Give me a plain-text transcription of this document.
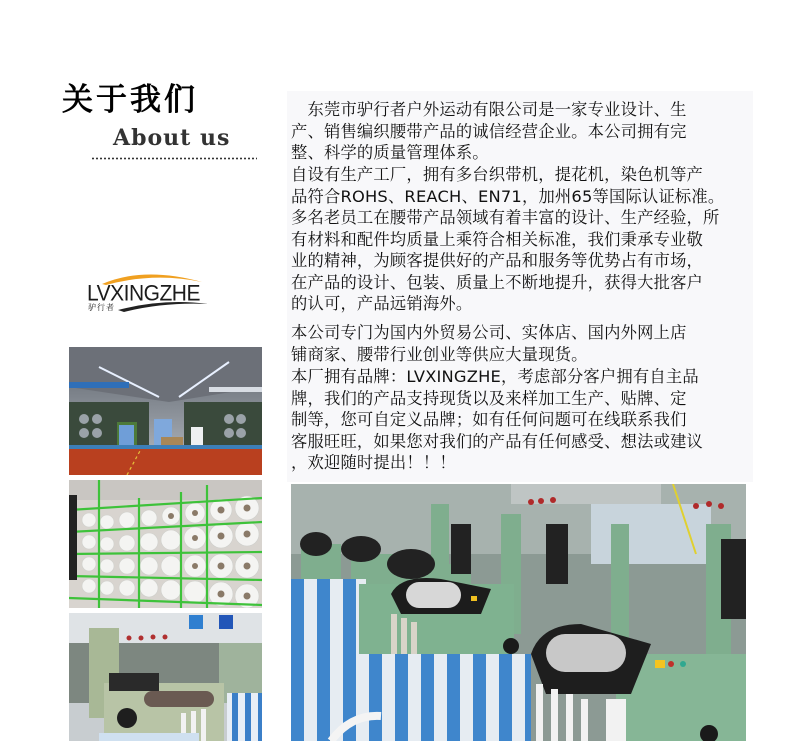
关于我们
About us
LVXINGZHE
驴行者
　东莞市驴行者户外运动有限公司是一家专业设计、生
产、销售编织腰带产品的诚信经营企业。本公司拥有完
整、科学的质量管理体系。
自设有生产工厂，拥有多台织带机，提花机，染色机等产
品符合ROHS、REACH、EN71，加州65等国际认证标准。
多名老员工在腰带产品领域有着丰富的设计、生产经验，所
有材料和配件均质量上乘符合相关标准，我们秉承专业敬
业的精神，为顾客提供好的产品和服务等优势占有市场，
在产品的设计、包装、质量上不断地提升，获得大批客户
的认可，产品远销海外。
本公司专门为国内外贸易公司、实体店、国内外网上店
铺商家、腰带行业创业等供应大量现货。
本厂拥有品牌：LVXINGZHE，考虑部分客户拥有自主品
牌，我们的产品支持现货以及来样加工生产、贴牌、定
制等，您可自定义品牌；如有任何问题可在线联系我们
客服旺旺，如果您对我们的产品有任何感受、想法或建议
，欢迎随时提出！！！
